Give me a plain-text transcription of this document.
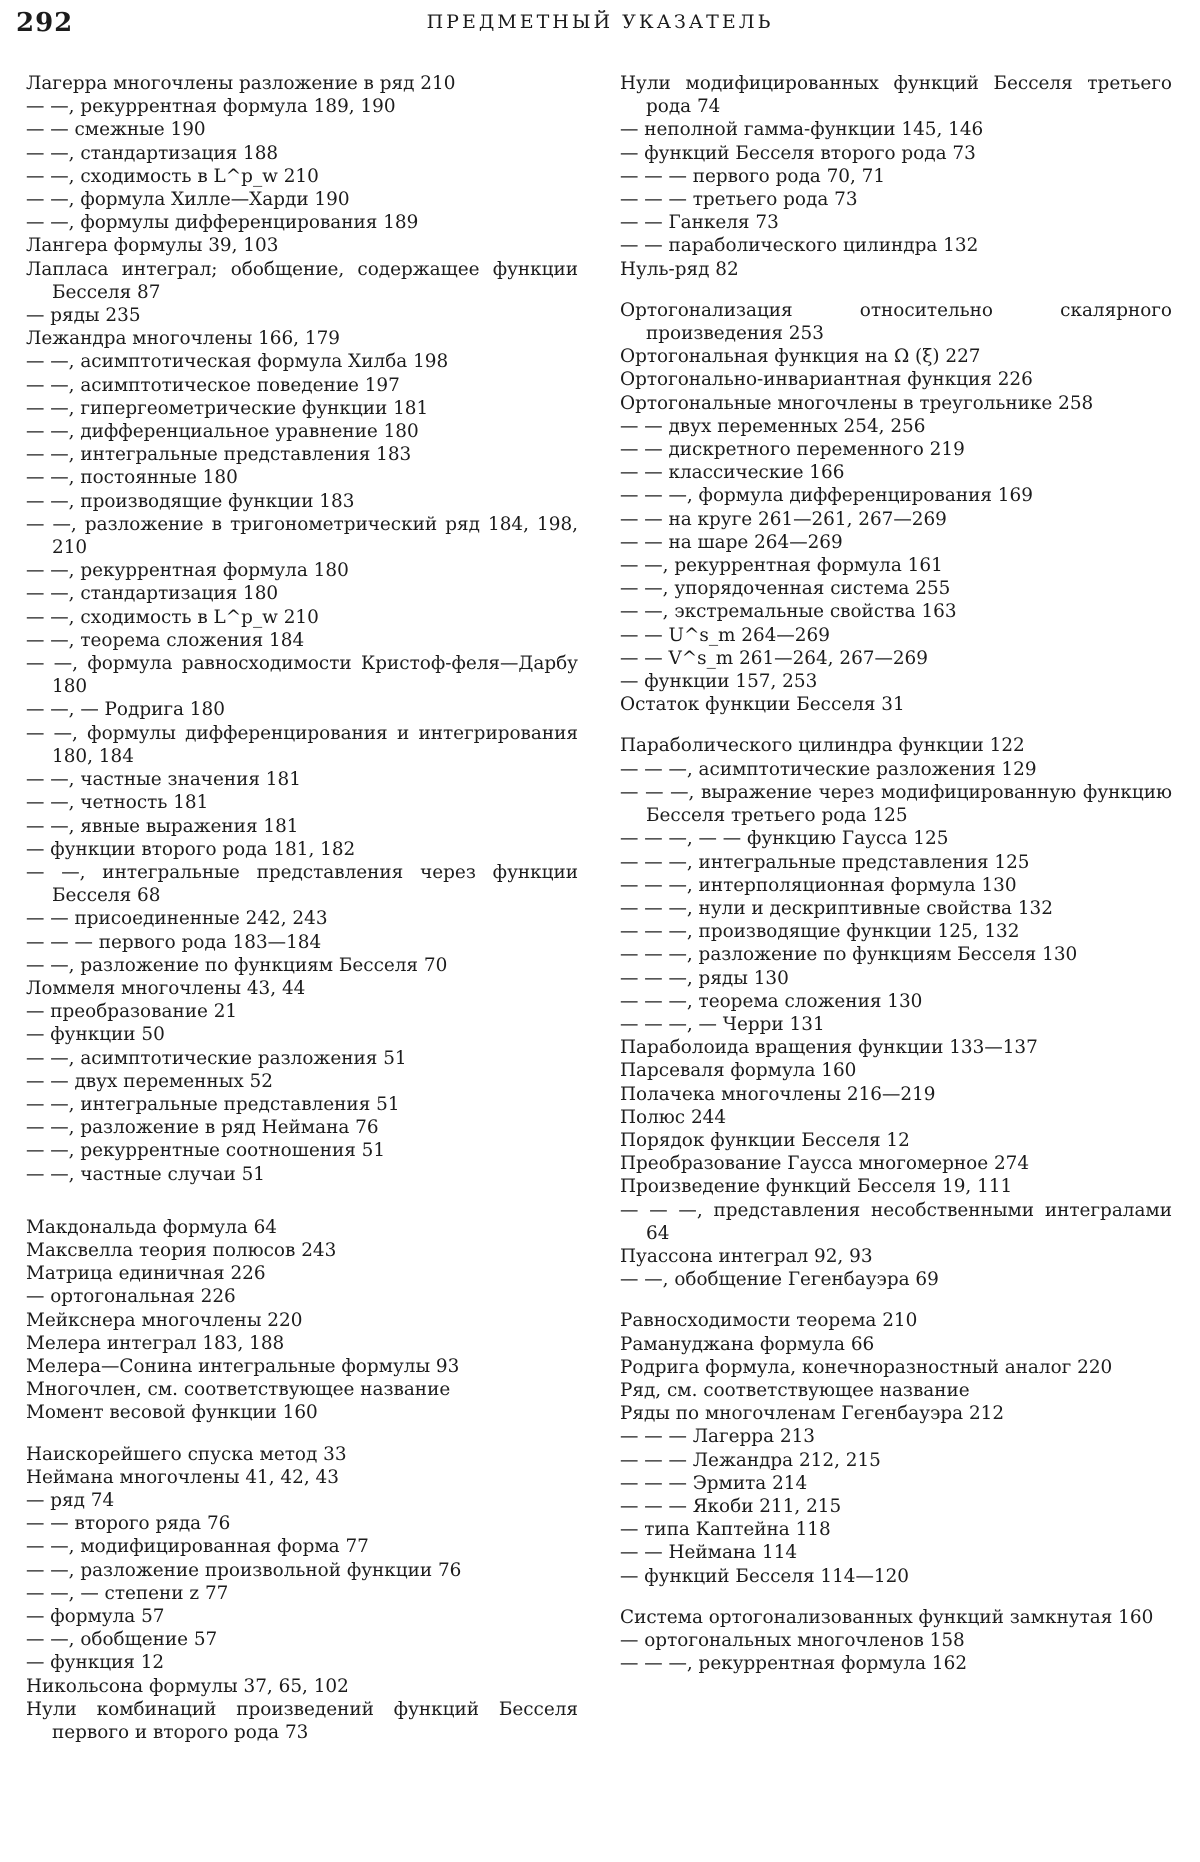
292	ПРЕДМЕТНЫЙ УКАЗАТЕЛЬ

Лагерра многочлены разложение в ряд 210

— —, рекуррентная формула 189, 190

— — смежные 190

— —, стандартизация 188

— —, сходимость в L^p_w 210

— —, формула Хилле—Харди 190

— —, формулы дифференцирования 189

Лангера формулы 39, 103

Лапласа интеграл; обобщение, содержащее функции Бесселя 87

— ряды 235

Лежандра многочлены 166, 179

— —, асимптотическая формула Хилба 198

— —, асимптотическое поведение 197

— —, гипергеометрические функции 181

— —, дифференциальное уравнение 180

— —, интегральные представления 183

— —, постоянные 180

— —, производящие функции 183

— —, разложение в тригонометрический ряд 184, 198, 210

— —, рекуррентная формула 180

— —, стандартизация 180

— —, сходимость в L^p_w 210

— —, теорема сложения 184

— —, формула равносходимости Кристоф-феля—Дарбу 180

— —, — Родрига 180

— —, формулы дифференцирования и интегрирования 180, 184

— —, частные значения 181

— —, четность 181

— —, явные выражения 181

— функции второго рода 181, 182

— —, интегральные представления через функции Бесселя 68

— — присоединенные 242, 243

— — — первого рода 183—184

— —, разложение по функциям Бесселя 70

Ломмеля многочлены 43, 44

— преобразование 21

— функции 50

— —, асимптотические разложения 51

— — двух переменных 52

— —, интегральные представления 51

— —, разложение в ряд Неймана 76

— —, рекуррентные соотношения 51

— —, частные случаи 51

Макдональда формула 64

Максвелла теория полюсов 243

Матрица единичная 226

— ортогональная 226

Мейкснера многочлены 220

Мелера интеграл 183, 188

Мелера—Сонина интегральные формулы 93

Многочлен, см. соответствующее название

Момент весовой функции 160

Наискорейшего спуска метод 33

Неймана многочлены 41, 42, 43

— ряд 74

— — второго ряда 76

— —, модифицированная форма 77

— —, разложение произвольной функции 76

— —, — степени z 77

— формула 57

— —, обобщение 57

— функция 12

Никольсона формулы 37, 65, 102

Нули комбинаций произведений функций Бесселя первого и второго рода 73

Нули модифицированных функций Бесселя третьего рода 74

— неполной гамма-функции 145, 146

— функций Бесселя второго рода 73

— — — первого рода 70, 71

— — — третьего рода 73

— — Ганкеля 73

— — параболического цилиндра 132

Нуль-ряд 82

Ортогонализация относительно скалярного произведения 253

Ортогональная функция на Ω (ξ) 227

Ортогонально-инвариантная функция 226

Ортогональные многочлены в треугольнике 258

— — двух переменных 254, 256

— — дискретного переменного 219

— — классические 166

— — —, формула дифференцирования 169

— — на круге 261—261, 267—269

— — на шаре 264—269

— —, рекуррентная формула 161

— —, упорядоченная система 255

— —, экстремальные свойства 163

— — U^s_m 264—269

— — V^s_m 261—264, 267—269

— функции 157, 253

Остаток функции Бесселя 31

Параболического цилиндра функции 122

— — —, асимптотические разложения 129

— — —, выражение через модифицированную функцию Бесселя третьего рода 125

— — —, — — функцию Гаусса 125

— — —, интегральные представления 125

— — —, интерполяционная формула 130

— — —, нули и дескриптивные свойства 132

— — —, производящие функции 125, 132

— — —, разложение по функциям Бесселя 130

— — —, ряды 130

— — —, теорема сложения 130

— — —, — Черри 131

Параболоида вращения функции 133—137

Парсеваля формула 160

Полачека многочлены 216—219

Полюс 244

Порядок функции Бесселя 12

Преобразование Гаусса многомерное 274

Произведение функций Бесселя 19, 111

— — —, представления несобственными интегралами 64

Пуассона интеграл 92, 93

— —, обобщение Гегенбауэра 69

Равносходимости теорема 210

Рамануджана формула 66

Родрига формула, конечноразностный аналог 220

Ряд, см. соответствующее название

Ряды по многочленам Гегенбауэра 212

— — — Лагерра 213

— — — Лежандра 212, 215

— — — Эрмита 214

— — — Якоби 211, 215

— типа Каптейна 118

— — Неймана 114

— функций Бесселя 114—120

Система ортогонализованных функций замкнутая 160

— ортогональных многочленов 158

— — —, рекуррентная формула 162
